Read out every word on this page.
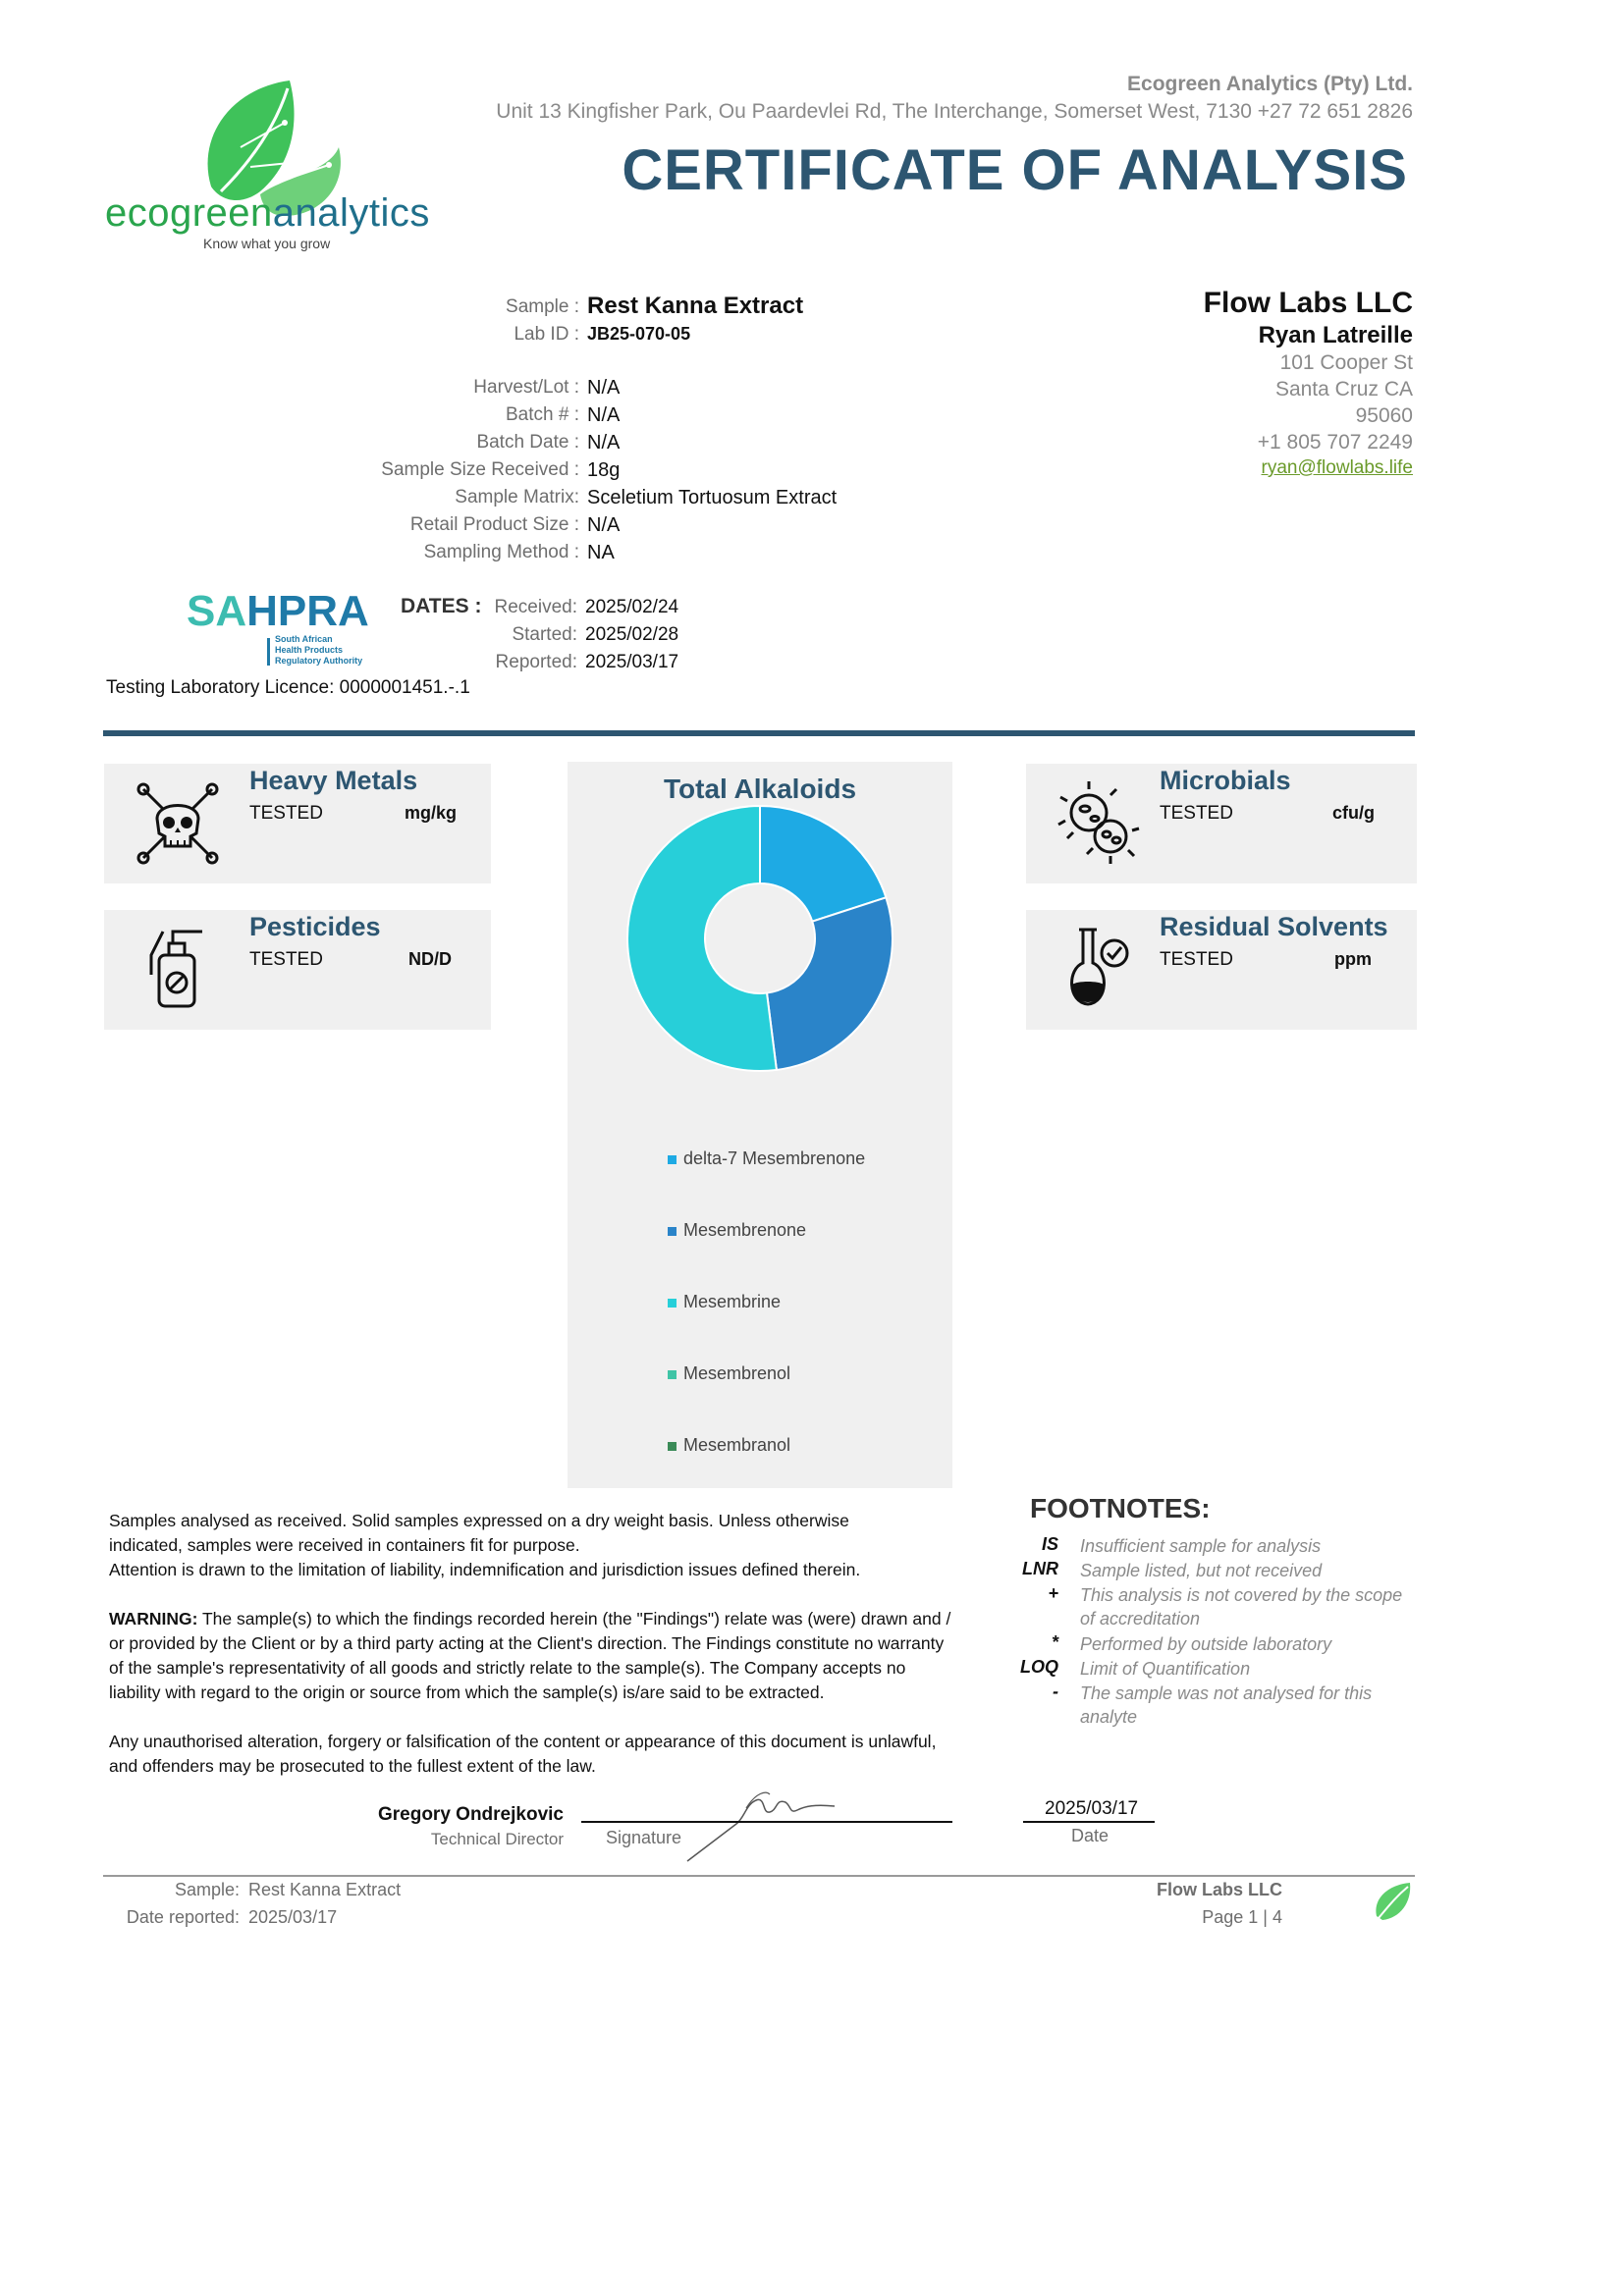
ecogreenanalytics
Know what you grow
Ecogreen Analytics (Pty) Ltd.
Unit 13 Kingfisher Park, Ou Paardevlei Rd, The Interchange, Somerset West, 7130 +27 72 651 2826
CERTIFICATE OF ANALYSIS
Sample : Rest Kanna Extract
Lab ID : JB25-070-05
Harvest/Lot : N/A
Batch # : N/A
Batch Date : N/A
Sample Size Received : 18g
Sample Matrix: Sceletium Tortuosum Extract
Retail Product Size : N/A
Sampling Method : NA
Flow Labs LLC
Ryan Latreille
101 Cooper St
Santa Cruz CA
95060
+1 805 707 2249
ryan@flowlabs.life
SAHPRA
South African
Health Products
Regulatory Authority
Testing Laboratory Licence: 0000001451.-.1
DATES : Received: 2025/02/24
Started: 2025/02/28
Reported: 2025/03/17
Heavy Metals
TESTED	mg/kg
Pesticides
TESTED	ND/D
Total Alkaloids
delta-7 Mesembrenone
Mesembrenone
Mesembrine
Mesembrenol
Mesembranol
Microbials
TESTED	cfu/g
Residual Solvents
TESTED	ppm
Samples analysed as received. Solid samples expressed on a dry weight basis. Unless otherwise
indicated, samples were received in containers fit for purpose.
Attention is drawn to the limitation of liability, indemnification and jurisdiction issues defined therein.
WARNING: The sample(s) to which the findings recorded herein (the "Findings") relate was (were) drawn and / or provided by the Client or by a third party acting at the Client's direction. The Findings constitute no warranty of the sample's representativity of all goods and strictly relate to the sample(s). The Company accepts no liability with regard to the origin or source from which the sample(s) is/are said to be extracted.
Any unauthorised alteration, forgery or falsification of the content or appearance of this document is unlawful, and offenders may be prosecuted to the fullest extent of the law.
FOOTNOTES:
IS Insufficient sample for analysis
LNR Sample listed, but not received
+ This analysis is not covered by the scope of accreditation
* Performed by outside laboratory
LOQ Limit of Quantification
- The sample was not analysed for this analyte
Gregory Ondrejkovic
Technical Director Signature
2025/03/17
Date
Sample: Rest Kanna Extract
Date reported: 2025/03/17
Flow Labs LLC
Page 1 | 4
